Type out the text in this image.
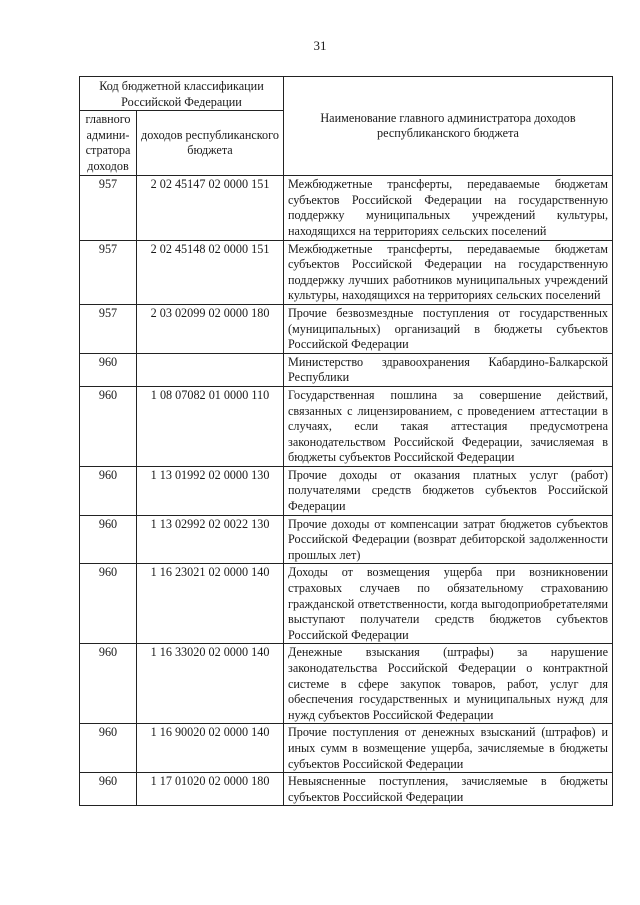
31
Код бюджетной классификации Российской Федерации		Наименование главного администратора доходов республиканского бюджета
главного админи-стратора доходов	доходов республиканского бюджета	
957	2 02 45147 02 0000 151	Межбюджетные трансферты, передаваемые бюджетам субъектов Российской Федерации на государственную поддержку муниципальных учреждений культуры, находящихся на территориях сельских поселений
957	2 02 45148 02 0000 151	Межбюджетные трансферты, передаваемые бюджетам субъектов Российской Федерации на государственную поддержку лучших работников муниципальных учреждений культуры, находящихся на территориях сельских поселений
957	2 03 02099 02 0000 180	Прочие безвозмездные поступления от государственных (муниципальных) организаций в бюджеты субъектов Российской Федерации
960		Министерство здравоохранения Кабардино-Балкарской Республики
960	1 08 07082 01 0000 110	Государственная пошлина за совершение действий, связанных с лицензированием, с проведением аттестации в случаях, если такая аттестация предусмотрена законодательством Российской Федерации, зачисляемая в бюджеты субъектов Российской Федерации
960	1 13 01992 02 0000 130	Прочие доходы от оказания платных услуг (работ) получателями средств бюджетов субъектов Российской Федерации
960	1 13 02992 02 0022 130	Прочие доходы от компенсации затрат бюджетов субъектов Российской Федерации (возврат дебиторской задолженности прошлых лет)
960	1 16 23021 02 0000 140	Доходы от возмещения ущерба при возникновении страховых случаев по обязательному страхованию гражданской ответственности, когда выгодоприобретателями выступают получатели средств бюджетов субъектов Российской Федерации
960	1 16 33020 02 0000 140	Денежные взыскания (штрафы) за нарушение законодательства Российской Федерации о контрактной системе в сфере закупок товаров, работ, услуг для обеспечения государственных и муниципальных нужд для нужд субъектов Российской Федерации
960	1 16 90020 02 0000 140	Прочие поступления от денежных взысканий (штрафов) и иных сумм в возмещение ущерба, зачисляемые в бюджеты субъектов Российской Федерации
960	1 17 01020 02 0000 180	Невыясненные поступления, зачисляемые в бюджеты субъектов Российской Федерации
